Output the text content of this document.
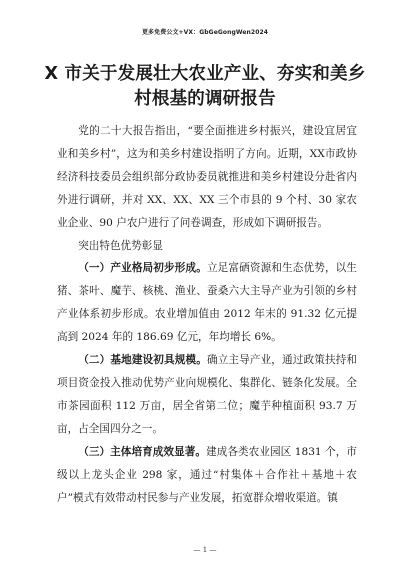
更多免费公文+VX：GbGeGongWen2024
X 市关于发展壮大农业产业、夯实和美乡
村根基的调研报告

党的二十大报告指出，“要全面推进乡村振兴，建设宜居宜业和美乡村”，这为和美乡村建设指明了方向。近期，XX市政协经济科技委员会组织部分政协委员就推进和美乡村建设分赴省内外进行调研，并对 XX、XX、XX 三个市县的 9 个村、30 家农业企业、90 户农户进行了问卷调查，形成如下调研报告。

突出特色优势彰显

（一）产业格局初步形成。立足富硒资源和生态优势，以生猪、茶叶、魔芋、核桃、渔业、蚕桑六大主导产业为引领的乡村产业体系初步形成。农业增加值由 2012 年末的 91.32 亿元提高到 2024 年的 186.69 亿元，年均增长 6%。

（二）基地建设初具规模。确立主导产业，通过政策扶持和项目资金投入推动优势产业向规模化、集群化、链条化发展。全市茶园面积 112 万亩，居全省第二位；魔芋种植面积 93.7 万亩，占全国四分之一。

（三）主体培育成效显著。建成各类农业园区 1831 个，市级以上龙头企业 298 家，通过“村集体＋合作社＋基地＋农户”模式有效带动村民参与产业发展，拓宽群众增收渠道。镇

— 1 —
